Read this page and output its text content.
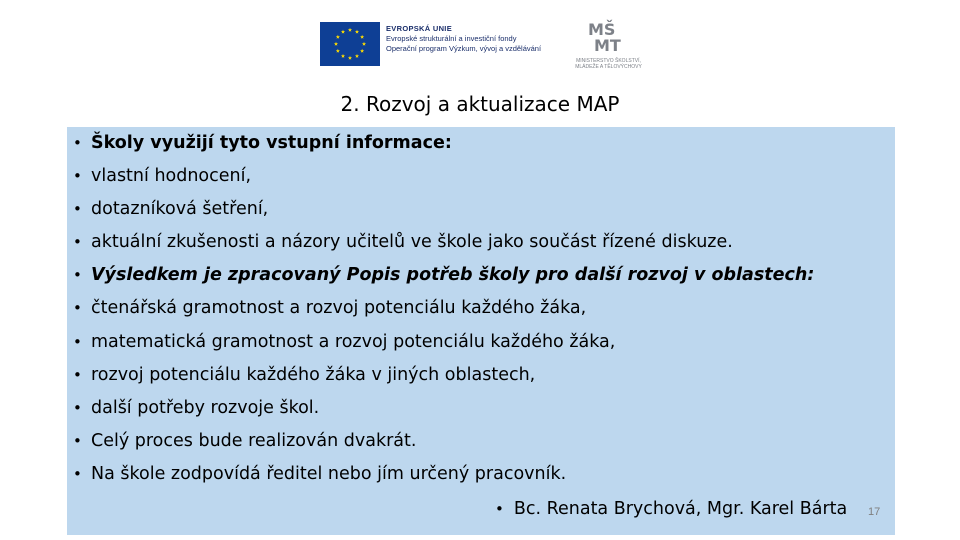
EVROPSKÁ UNIE
Evropské strukturální a investiční fondy
Operační program Výzkum, vývoj a vzdělávání
MŠ
MT
MINISTERSTVO ŠKOLSTVÍ,
MLÁDEŽE A TĚLOVÝCHOVY
2. Rozvoj a aktualizace MAP
• Školy využijí tyto vstupní informace:
• vlastní hodnocení,
• dotazníková šetření,
• aktuální zkušenosti a názory učitelů ve škole jako součást řízené diskuze.
• Výsledkem je zpracovaný Popis potřeb školy pro další rozvoj v oblastech:
• čtenářská gramotnost a rozvoj potenciálu každého žáka,
• matematická gramotnost a rozvoj potenciálu každého žáka,
• rozvoj potenciálu každého žáka v jiných oblastech,
• další potřeby rozvoje škol.
• Celý proces bude realizován dvakrát.
• Na škole zodpovídá ředitel nebo jím určený pracovník.
• Bc. Renata Brychová, Mgr. Karel Bárta 17
